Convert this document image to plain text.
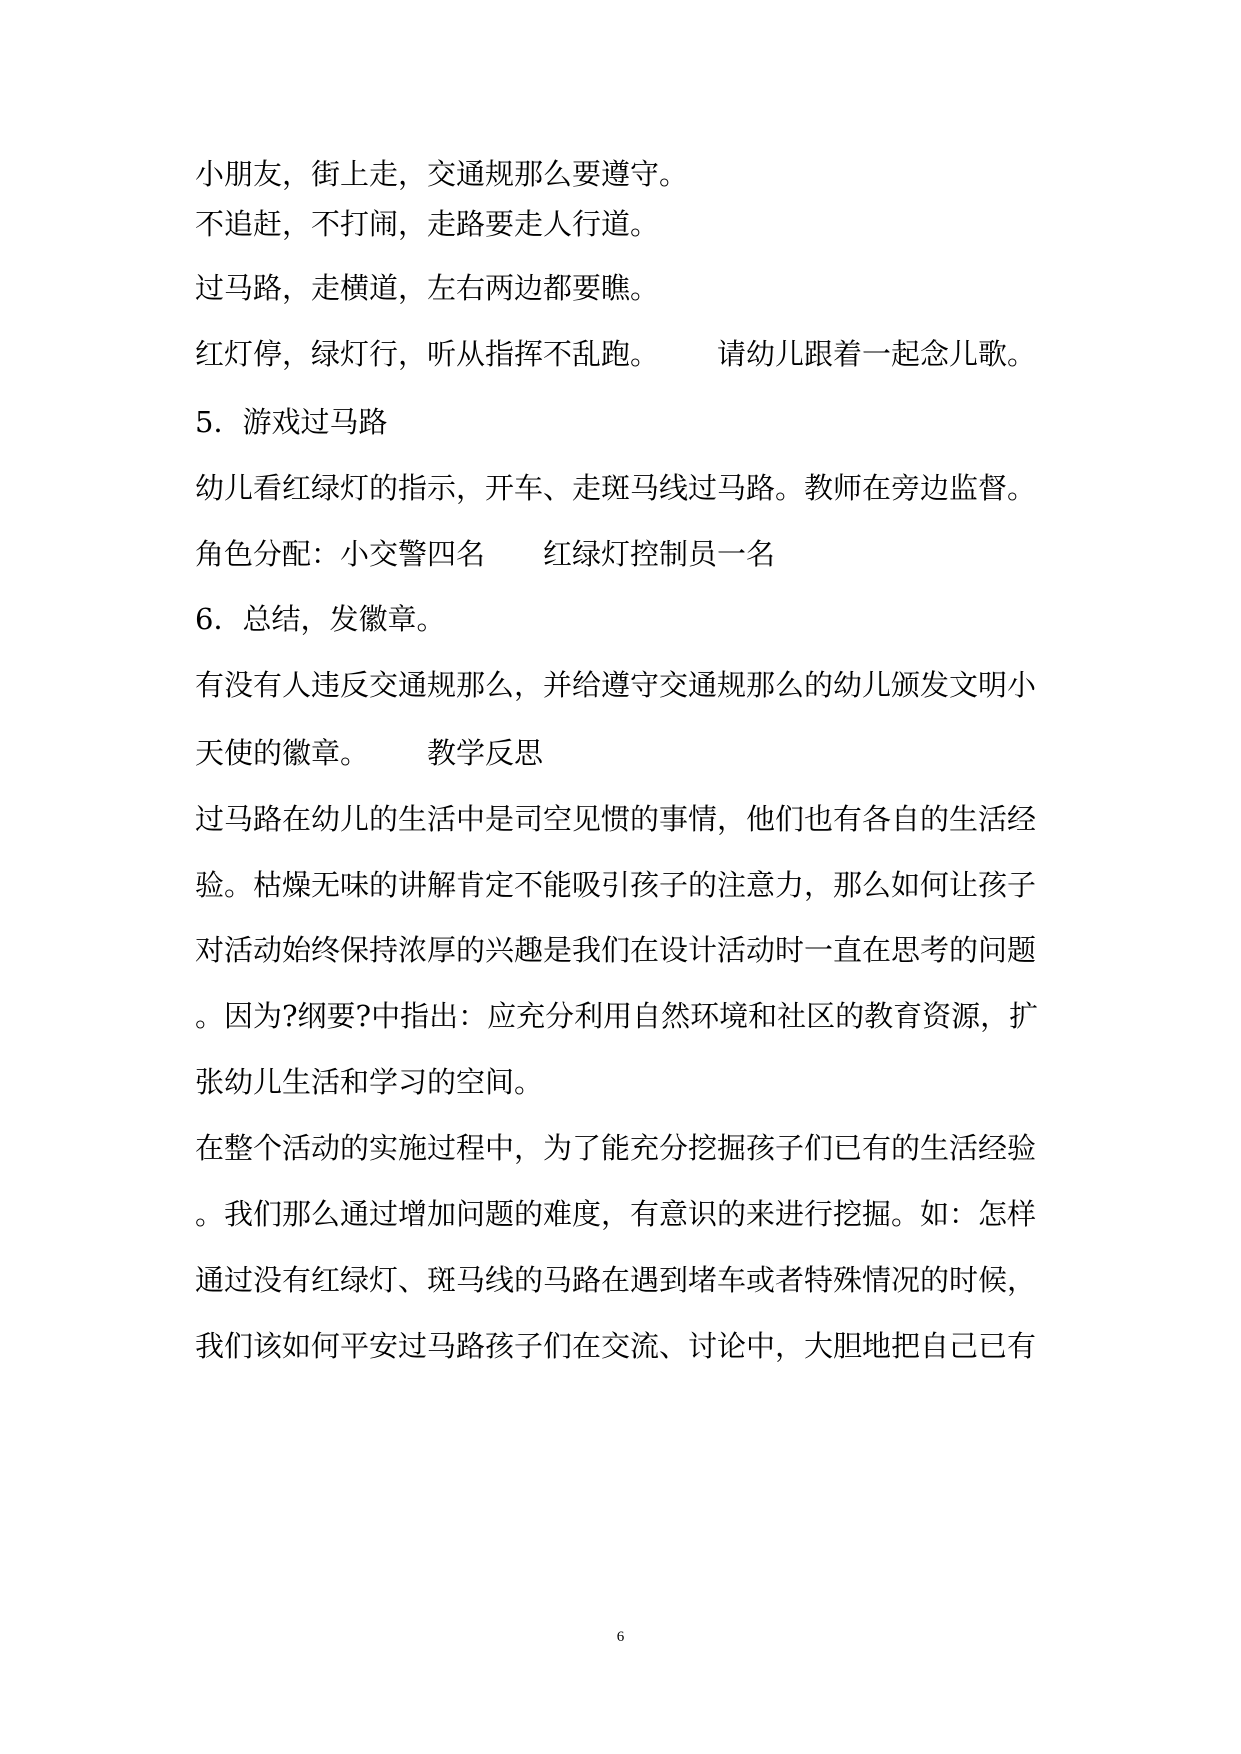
小朋友，街上走，交通规那么要遵守。
不追赶，不打闹，走路要走人行道。
过马路，走横道，左右两边都要瞧。
红灯停，绿灯行，听从指挥不乱跑。 请幼儿跟着一起念儿歌。
5．游戏过马路
幼儿看红绿灯的指示，开车、走斑马线过马路。教师在旁边监督。
角色分配：小交警四名 红绿灯控制员一名
6．总结，发徽章。
有没有人违反交通规那么，并给遵守交通规那么的幼儿颁发文明小
天使的徽章。 教学反思
过马路在幼儿的生活中是司空见惯的事情，他们也有各自的生活经
验。枯燥无味的讲解肯定不能吸引孩子的注意力，那么如何让孩子
对活动始终保持浓厚的兴趣是我们在设计活动时一直在思考的问题
。因为?纲要?中指出：应充分利用自然环境和社区的教育资源，扩
张幼儿生活和学习的空间。
在整个活动的实施过程中，为了能充分挖掘孩子们已有的生活经验
。我们那么通过增加问题的难度，有意识的来进行挖掘。如：怎样
通过没有红绿灯、斑马线的马路在遇到堵车或者特殊情况的时候，
我们该如何平安过马路孩子们在交流、讨论中，大胆地把自己已有
6
